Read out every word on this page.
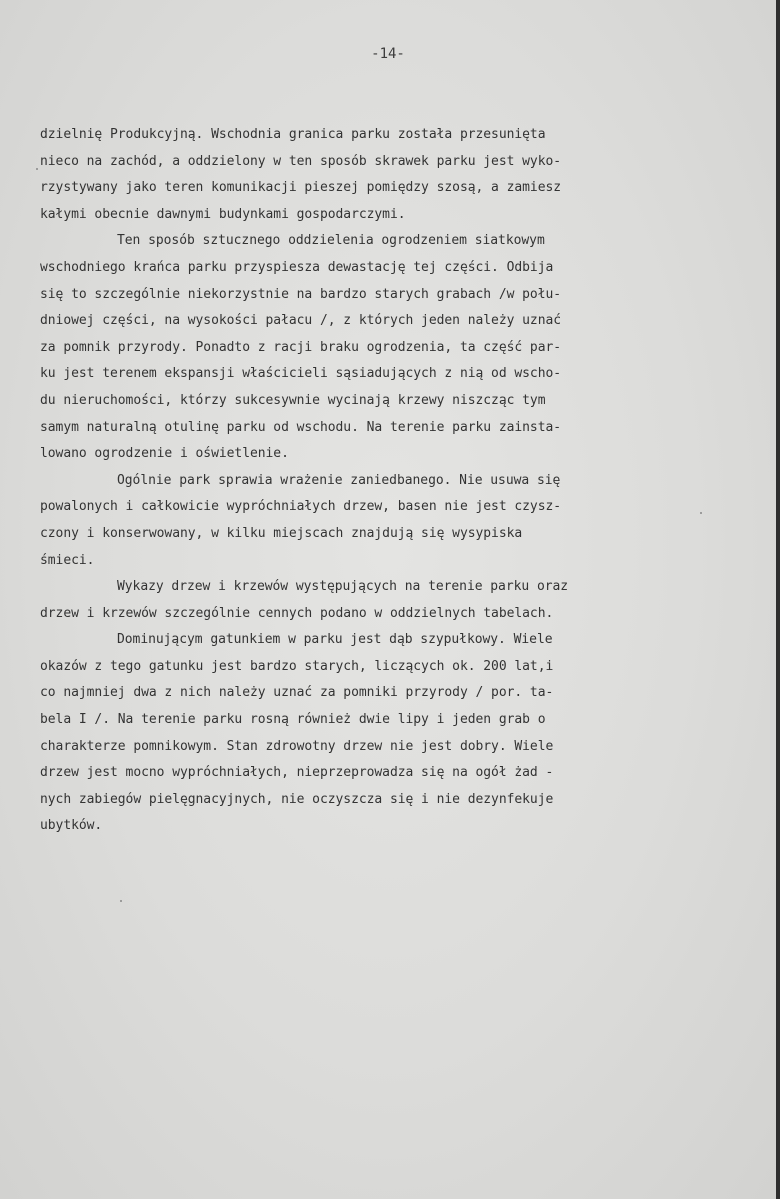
-14-

dzielnię Produkcyjną. Wschodnia granica parku została przesunięta
nieco na zachód, a oddzielony w ten sposób skrawek parku jest wyko-
rzystywany jako teren komunikacji pieszej pomiędzy szosą, a zamiesz
kałymi obecnie dawnymi budynkami gospodarczymi.
Ten sposób sztucznego oddzielenia ogrodzeniem siatkowym
wschodniego krańca parku przyspiesza dewastację tej części. Odbija
się to szczególnie niekorzystnie na bardzo starych grabach /w połu-
dniowej części, na wysokości pałacu /, z których jeden należy uznać
za pomnik przyrody. Ponadto z racji braku ogrodzenia, ta część par-
ku jest terenem ekspansji właścicieli sąsiadujących z nią od wscho-
du nieruchomości, którzy sukcesywnie wycinają krzewy niszcząc tym
samym naturalną otulinę parku od wschodu. Na terenie parku zainsta-
lowano ogrodzenie i oświetlenie.
Ogólnie park sprawia wrażenie zaniedbanego. Nie usuwa się
powalonych i całkowicie wypróchniałych drzew, basen nie jest czysz-
czony i konserwowany, w kilku miejscach znajdują się wysypiska
śmieci.
Wykazy drzew i krzewów występujących na terenie parku oraz
drzew i krzewów szczególnie cennych podano w oddzielnych tabelach.
Dominującym gatunkiem w parku jest dąb szypułkowy. Wiele
okazów z tego gatunku jest bardzo starych, liczących ok. 200 lat,i
co najmniej dwa z nich należy uznać za pomniki przyrody / por. ta-
bela I /. Na terenie parku rosną również dwie lipy i jeden grab o
charakterze pomnikowym. Stan zdrowotny drzew nie jest dobry. Wiele
drzew jest mocno wypróchniałych, nieprzeprowadza się na ogół żad -
nych zabiegów pielęgnacyjnych, nie oczyszcza się i nie dezynfekuje
ubytków.
